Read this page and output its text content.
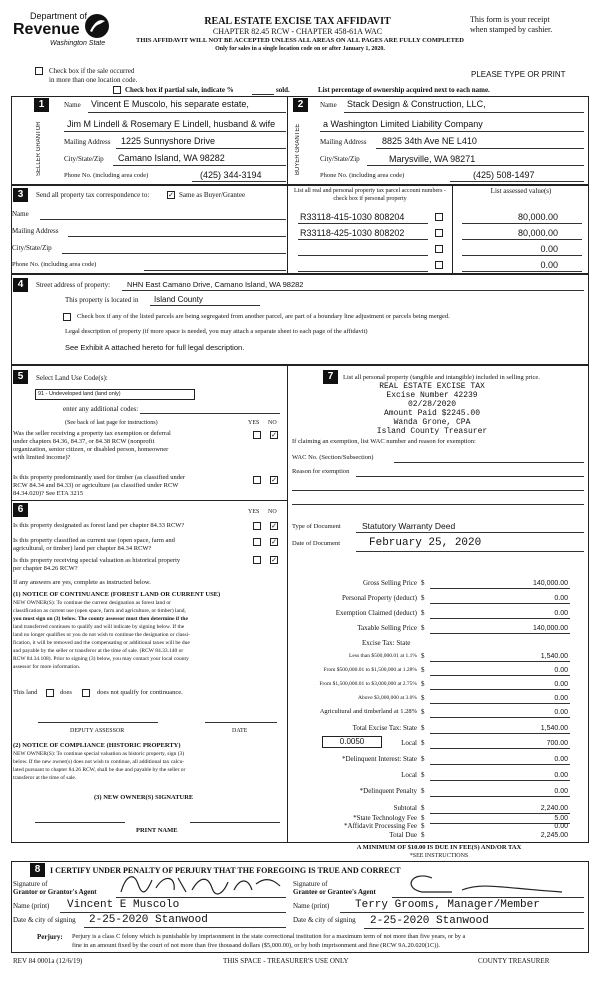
Department of
Revenue
Washington State
REAL ESTATE EXCISE TAX AFFIDAVIT
CHAPTER 82.45 RCW - CHAPTER 458-61A WAC
THIS AFFIDAVIT WILL NOT BE ACCEPTED UNLESS ALL AREAS ON ALL PAGES ARE FULLY COMPLETED
Only for sales in a single location code on or after January 1, 2020.
This form is your receipt
when stamped by cashier.
PLEASE TYPE OR PRINT
Check box if the sale occurred
in more than one location code.
Check box if partial sale, indicate %	sold.	List percentage of ownership acquired next to each name.
1
SELLER GRANTOR
Name Vincent E Muscolo, his separate estate,
Jim M Lindell & Rosemary E Lindell, husband & wife
Mailing Address 1225 Sunnyshore Drive
City/State/Zip Camano Island, WA 98282
Phone No. (including area code)	(425) 344-3194
2
BUYER GRANTEE
Name Stack Design & Construction, LLC,
a Washington Limited Liability Company
Mailing Address 8825 34th Ave NE L410
City/State/Zip	Marysville, WA 98271
Phone No. (including area code)	(425) 508-1497
3	Send all property tax correspondence to:	✓ Same as Buyer/Grantee
Name
Mailing Address
City/State/Zip
Phone No. (including area code)
List all real and personal property tax parcel account numbers - check box if personal property
List assessed value(s)
R33118-415-1030 808204	80,000.00
R33118-425-1030 808202	80,000.00
0.00
0.00
4	Street address of property: NHN East Camano Drive, Camano Island, WA 98282
This property is located in Island County
Check box if any of the listed parcels are being segregated from another parcel, are part of a boundary line adjustment or parcels being merged.
Legal description of property (if more space is needed, you may attach a separate sheet to each page of the affidavit)
See Exhibit A attached hereto for full legal description.
5	Select Land Use Code(s):
91 - Undeveloped land (land only)
enter any additional codes:
(See back of last page for instructions)	YES NO
Was the seller receiving a property tax exemption or deferral
under chapters 84.36, 84.37, or 84.38 RCW (nonprofit
organization, senior citizen, or disabled person, homeowner
with limited income)?
✓
Is this property predominantly used for timber (as classified under
RCW 84.34 and 84.33) or agriculture (as classified under RCW
84.34.020)? See ETA 3215
✓
6	YES NO
Is this property designated as forest land per chapter 84.33 RCW?	✓
Is this property classified as current use (open space, farm and
agricultural, or timber) land per chapter 84.34 RCW?
✓
Is this property receiving special valuation as historical property
per chapter 84.26 RCW?
✓
If any answers are yes, complete as instructed below.
(1) NOTICE OF CONTINUANCE (FOREST LAND OR CURRENT USE)
NEW OWNER(S): To continue the current designation as forest land or
classification as current use (open space, farm and agriculture, or timber) land,
you must sign on (3) below. The county assessor must then determine if the
land transferred continues to qualify and will indicate by signing below. If the
land no longer qualifies or you do not wish to continue the designation or classi-
fication, it will be removed and the compensating or additional taxes will be due
and payable by the seller or transferor at the time of sale. (RCW 84.33.140 or
RCW 84.34.108). Prior to signing (3) below, you may contact your local county
assessor for more information.
This land	does	does not qualify for continuance.
DEPUTY ASSESSOR	DATE
(2) NOTICE OF COMPLIANCE (HISTORIC PROPERTY)
NEW OWNER(S): To continue special valuation as historic property, sign (3)
below. If the new owner(s) does not wish to continue, all additional tax calcu-
lated pursuant to chapter 84.26 RCW, shall be due and payable by the seller or
transferor at the time of sale.
(3) NEW OWNER(S) SIGNATURE
PRINT NAME
7	List all personal property (tangible and intangible) included in selling price.
REAL ESTATE EXCISE TAX
Excise Number 42239
02/28/2020
Amount Paid $2245.00
Wanda Grone, CPA
Island County Treasurer
If claiming an exemption, list WAC number and reason for exemption:
WAC No. (Section/Subsection)
Reason for exemption
Type of Document	Statutory Warranty Deed
Date of Document	February 25, 2020
Gross Selling Price $	140,000.00
Personal Property (deduct) $	0.00
Exemption Claimed (deduct) $	0.00
Taxable Selling Price $	140,000.00
Excise Tax: State
Less than $500,000.01 at 1.1% $	1,540.00
From $500,000.01 to $1,500,000 at 1.28% $	0.00
From $1,500,000.01 to $3,000,000 at 2.75% $	0.00
Above $3,000,000 at 3.0% $	0.00
Agricultural and timberland at 1.28% $	0.00
Total Excise Tax: State $	1,540.00
0.0050	Local $	700.00
*Delinquent Interest: State $	0.00
Local $	0.00
*Delinquent Penalty $	0.00
Subtotal $	2,240.00
*State Technology Fee $	5.00
*Affidavit Processing Fee $	0.00
Total Due $	2,245.00
A MINIMUM OF $10.00 IS DUE IN FEE(S) AND/OR TAX
*SEE INSTRUCTIONS
8	I CERTIFY UNDER PENALTY OF PERJURY THAT THE FOREGOING IS TRUE AND CORRECT
Signature of
Grantor or Grantor's Agent
Signature of
Grantee or Grantee's Agent
Name (print) Vincent E Muscolo	Name (print) Terry Grooms, Manager/Member
Date & city of signing 2-25-2020 Stanwood	Date & city of signing 2-25-2020 Stanwood
Perjury: Perjury is a class C felony which is punishable by imprisonment in the state correctional institution for a maximum term of not more than five years, or by a
fine in an amount fixed by the court of not more than five thousand dollars ($5,000.00), or by both imprisonment and fine (RCW 9A.20.020(1C)).
REV 84 0001a (12/6/19)	THIS SPACE - TREASURER'S USE ONLY	COUNTY TREASURER
